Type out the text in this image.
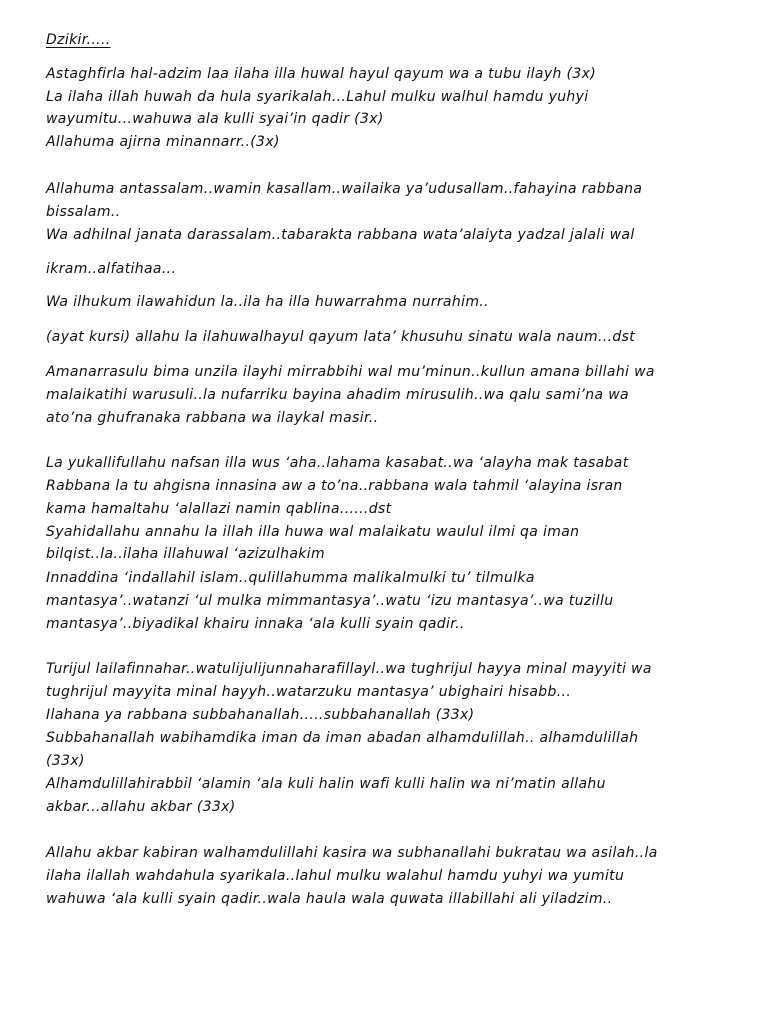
Dzikir.....
Astaghfirla hal-adzim laa ilaha illa huwal hayul qayum wa a tubu ilayh (3x)
La ilaha illah huwah da hula syarikalah...Lahul mulku walhul hamdu yuhyi
wayumitu...wahuwa ala kulli syai’in qadir (3x)
Allahuma ajirna minannarr..(3x)
Allahuma antassalam..wamin kasallam..wailaika ya’udusallam..fahayina rabbana
bissalam..
Wa adhilnal janata darassalam..tabarakta rabbana wata’alaiyta yadzal jalali wal
ikram..alfatihaa...
Wa ilhukum ilawahidun la..ila ha illa huwarrahma nurrahim..
(ayat kursi) allahu la ilahuwalhayul qayum lata’ khusuhu sinatu wala naum...dst
Amanarrasulu bima unzila ilayhi mirrabbihi wal mu’minun..kullun amana billahi wa
malaikatihi warusuli..la nufarriku bayina ahadim mirusulih..wa qalu sami’na wa
ato’na ghufranaka rabbana wa ilaykal masir..
La yukallifullahu nafsan illa wus ‘aha..lahama kasabat..wa ‘alayha mak tasabat
Rabbana la tu ahgisna innasina aw a to’na..rabbana wala tahmil ‘alayina isran
kama hamaltahu ‘alallazi namin qablina......dst
Syahidallahu annahu la illah illa huwa wal malaikatu waulul ilmi qa iman
bilqist..la..ilaha illahuwal ‘azizulhakim
Innaddina ‘indallahil islam..qulillahumma malikalmulki tu’ tilmulka
mantasya’..watanzi ‘ul mulka mimmantasya’..watu ‘izu mantasya’..wa tuzillu
mantasya’..biyadikal khairu innaka ‘ala kulli syain qadir..
Turijul lailafinnahar..watulijulijunnaharafillayl..wa tughrijul hayya minal mayyiti wa
tughrijul mayyita minal hayyh..watarzuku mantasya’ ubighairi hisabb...
Ilahana ya rabbana subbahanallah.....subbahanallah (33x)
Subbahanallah wabihamdika iman da iman abadan alhamdulillah.. alhamdulillah
(33x)
Alhamdulillahirabbil ‘alamin ‘ala kuli halin wafi kulli halin wa ni’matin allahu
akbar...allahu akbar (33x)
Allahu akbar kabiran walhamdulillahi kasira wa subhanallahi bukratau wa asilah..la
ilaha ilallah wahdahula syarikala..lahul mulku walahul hamdu yuhyi wa yumitu
wahuwa ‘ala kulli syain qadir..wala haula wala quwata illabillahi ali yiladzim..
